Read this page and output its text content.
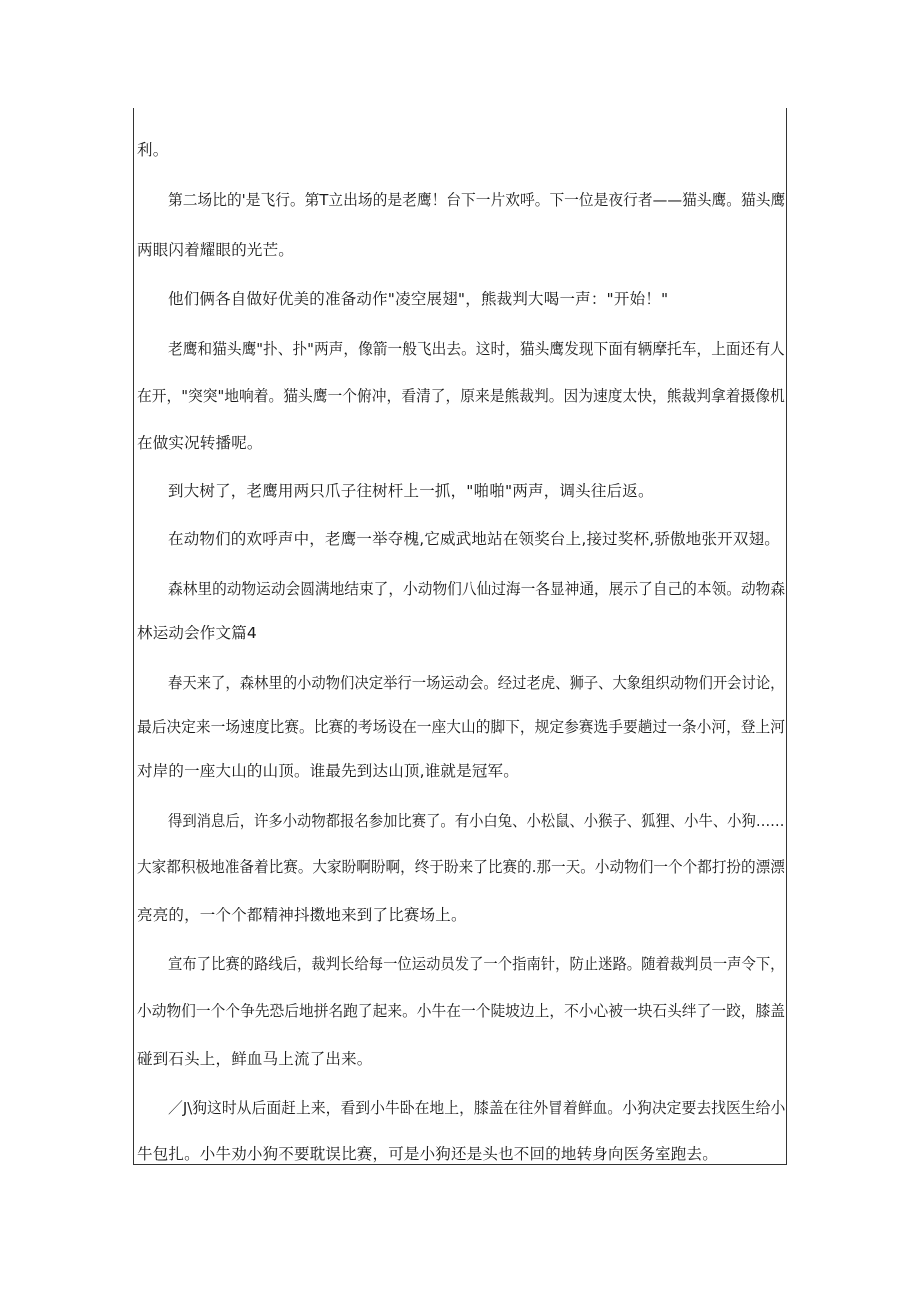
利。
第二场比的'是飞行。第T立出场的是老鹰！台下一片欢呼。下一位是夜行者——猫头鹰。猫头鹰
两眼闪着耀眼的光芒。
他们俩各自做好优美的准备动作"凌空展翅"，熊裁判大喝一声："开始！"
老鹰和猫头鹰"扑、扑"两声，像箭一般飞出去。这时，猫头鹰发现下面有辆摩托车，上面还有人
在开，"突突"地响着。猫头鹰一个俯冲，看清了，原来是熊裁判。因为速度太快，熊裁判拿着摄像机
在做实况转播呢。
到大树了，老鹰用两只爪子往树杆上一抓，"啪啪"两声，调头往后返。
在动物们的欢呼声中，老鹰一举夺槐,它威武地站在领奖台上,接过奖杯,骄傲地张开双翅。
森林里的动物运动会圆满地结束了，小动物们八仙过海一各显神通，展示了自己的本领。动物森
林运动会作文篇4
春天来了，森林里的小动物们决定举行一场运动会。经过老虎、狮子、大象组织动物们开会讨论，
最后决定来一场速度比赛。比赛的考场设在一座大山的脚下，规定参赛选手要趟过一条小河，登上河
对岸的一座大山的山顶。谁最先到达山顶,谁就是冠军。
得到消息后，许多小动物都报名参加比赛了。有小白兔、小松鼠、小猴子、狐狸、小牛、小狗……
大家都积极地准备着比赛。大家盼啊盼啊，终于盼来了比赛的.那一天。小动物们一个个都打扮的漂漂
亮亮的，一个个都精神抖擞地来到了比赛场上。
宣布了比赛的路线后，裁判长给每一位运动员发了一个指南针，防止迷路。随着裁判员一声令下，
小动物们一个个争先恐后地拼名跑了起来。小牛在一个陡坡边上，不小心被一块石头绊了一跤，膝盖
碰到石头上，鲜血马上流了出来。
／J\狗这时从后面赶上来，看到小牛卧在地上，膝盖在往外冒着鲜血。小狗决定要去找医生给小
牛包扎。小牛劝小狗不要耽误比赛，可是小狗还是头也不回的地转身向医务室跑去。
